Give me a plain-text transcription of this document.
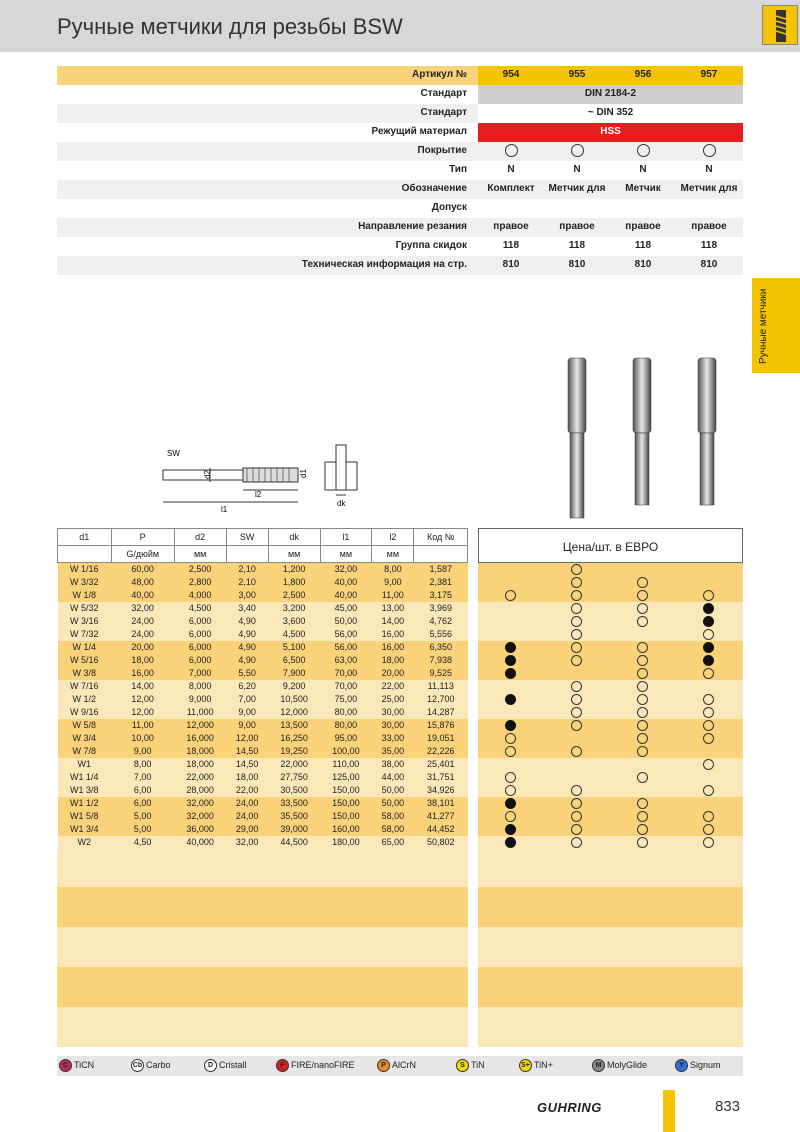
Ручные метчики для резьбы BSW
Артикул №	954	955	956	957
Стандарт	DIN 2184-2
Стандарт	~ DIN 352
Режущий материал	HSS
Покрытие
Тип	N	N	N	N
Обозначение	Комплект	Метчик для	Метчик	Метчик для
Допуск
Направление резания	правое	правое	правое	правое
Группа скидок	118	118	118	118
Техническая информация на стр.	810	810	810	810
Ручные метчики
SW
d2
l2
l1
d1
dk
d1	P	d2	SW	dk	l1	l2	Код №
	G/дюйм	мм		мм	мм	мм	
W 1/16	60,00	2,500	2,10	1,200	32,00	8,00	1,587
W 3/32	48,00	2,800	2,10	1,800	40,00	9,00	2,381
W 1/8	40,00	4,000	3,00	2,500	40,00	11,00	3,175
W 5/32	32,00	4,500	3,40	3,200	45,00	13,00	3,969
W 3/16	24,00	6,000	4,90	3,600	50,00	14,00	4,762
W 7/32	24,00	6,000	4,90	4,500	56,00	16,00	5,556
W 1/4	20,00	6,000	4,90	5,100	56,00	16,00	6,350
W 5/16	18,00	6,000	4,90	6,500	63,00	18,00	7,938
W 3/8	16,00	7,000	5,50	7,900	70,00	20,00	9,525
W 7/16	14,00	8,000	6,20	9,200	70,00	22,00	11,113
W 1/2	12,00	9,000	7,00	10,500	75,00	25,00	12,700
W 9/16	12,00	11,000	9,00	12,000	80,00	30,00	14,287
W 5/8	11,00	12,000	9,00	13,500	80,00	30,00	15,876
W 3/4	10,00	16,000	12,00	16,250	95,00	33,00	19,051
W 7/8	9,00	18,000	14,50	19,250	100,00	35,00	22,226
W1	8,00	18,000	14,50	22,000	110,00	38,00	25,401
W1 1/4	7,00	22,000	18,00	27,750	125,00	44,00	31,751
W1 3/8	6,00	28,000	22,00	30,500	150,00	50,00	34,926
W1 1/2	6,00	32,000	24,00	33,500	150,00	50,00	38,101
W1 5/8	5,00	32,000	24,00	35,500	150,00	58,00	41,277
W1 3/4	5,00	36,000	29,00	39,000	160,00	58,00	44,452
W2	4,50	40,000	32,00	44,500	180,00	65,00	50,802
Цена/шт. в ЕВРО
C TiCN	Cb Carbo	D Cristall	F FIRE/nanoFIRE	P AlCrN	S TiN	S+ TiN+	M MolyGlide	Y Signum
GUHRING	833
